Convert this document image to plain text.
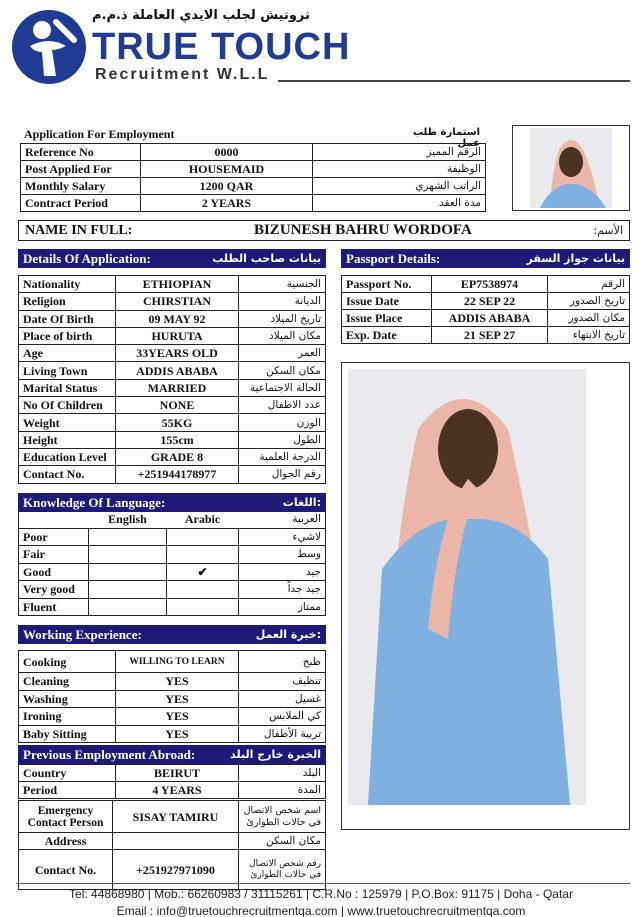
تروتيش لجلب الايدي العاملة ذ.م.م
TRUE TOUCH
Recruitment W.L.L
Application For Employment	استمارة طلب عمل
Reference No	0000	الرقم المميز
Post Applied For	HOUSEMAID	الوظيفة
Monthly Salary	1200 QAR	الراتب الشهري
Contract Period	2 YEARS	مدة العقد
NAME IN FULL:	BIZUNESH BAHRU WORDOFA	الأسم:
Details Of Application:	بيانات صاحب الطلب
Nationality	ETHIOPIAN	الجنسية
Religion	CHIRSTIAN	الديانة
Date Of Birth	09 MAY 92	تاريخ الميلاد
Place of birth	HURUTA	مكان الميلاد
Age	33YEARS OLD	العمر
Living Town	ADDIS ABABA	مكان السكن
Marital Status	MARRIED	الحالة الاجتماعية
No Of Children	NONE	عدد الاطفال
Weight	55KG	الوزن
Height	155cm	الطول
Education Level	GRADE 8	الدرجة العلمية
Contact No.	+251944178977	رقم الجوال
Passport Details:	بيانات جواز السفر
Passport No.	EP7538974	الرقم
Issue Date	22 SEP 22	تاريخ الصدور
Issue Place	ADDIS ABABA	مكان الصدور
Exp. Date	21 SEP 27	تاريخ الانتهاء
Knowledge Of Language:	اللغات:
	English	Arabic	العربية
Poor			لاشيء
Fair			وسط
Good		✔	جيد
Very good			جيد جداً
Fluent			ممتاز
Working Experience:	خبرة العمل:
Cooking	WILLING TO LEARN	طبخ
Cleaning	YES	تنظيف
Washing	YES	غسيل
Ironing	YES	كي الملابس
Baby Sitting	YES	تربية الأطفال
Previous Employment Abroad:	الخبرة خارج البلد
Country	BEIRUT	البلد
Period	4 YEARS	المدة
Emergency Contact Person	SISAY TAMIRU	اسم شخص الاتصال في حالات الطوارئ
Address		مكان السكن
Contact No.	+251927971090	رقم شخص الاتصال في حالات الطوارئ
Tel: 44868980 | Mob.: 66260983 / 31115261 | C.R.No : 125979 | P.O.Box: 91175 | Doha - Qatar
Email : info@truetouchrecruitmentqa.com | www.truetouchrecruitmentqa.com
